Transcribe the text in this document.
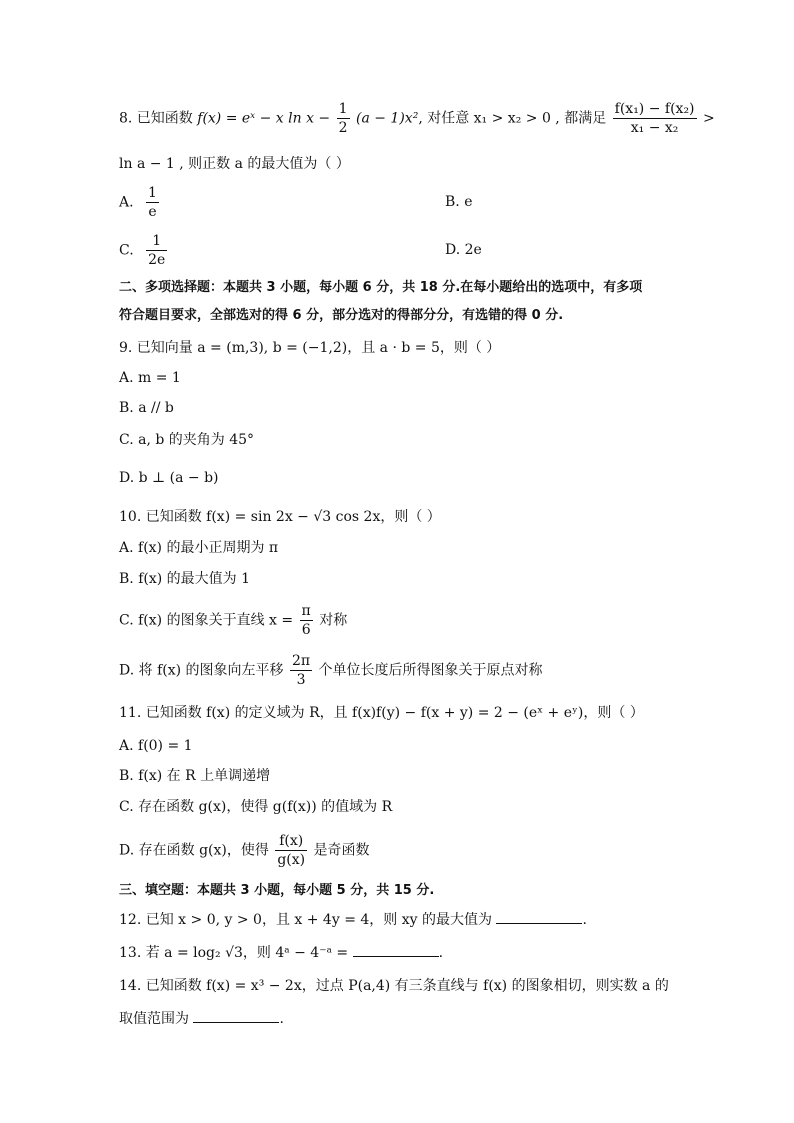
8. 已知函数 f(x) = eˣ − x $\ln x - \frac{1}{2} (a - 1)x^2$, 对任意 x₁ > x₂ > 0 , 都满足 $\frac{\text{f(x₁) − f(x₂)}}{\text{x₁ − x₂}}$ >
ln a − 1 , 则正数 a 的最大值为（ ）
A. $\frac{1}{e}$	B. e
C. $\frac{1}{2e}$	D. 2e
二、多项选择题：本题共 3 小题，每小题 6 分，共 18 分.在每小题给出的选项中，有多项
符合题目要求，全部选对的得 6 分，部分选对的得部分分，有选错的得 0 分.
9. 已知向量 a = (m,3), b = (−1,2)，且 a · b = 5，则（ ）
A. m = 1
B. a // b
C. a, b 的夹角为 45°
D. b ⊥ (a − b)
10. 已知函数 f(x) = sin 2x − √3 cos 2x，则（ ）
A. f(x) 的最小正周期为 π
B. f(x) 的最大值为 1
C. f(x) 的图象关于直线 $x = \frac{\pi}{6}$ 对称
D. 将 f(x) 的图象向左平移 $\frac{2\pi}{3}$ 个单位长度后所得图象关于原点对称
11. 已知函数 f(x) 的定义域为 R，且 f(x)f(y) − f(x + y) = 2 − (eˣ + eʸ)，则（ ）
A. f(0) = 1
B. f(x) 在 R 上单调递增
C. 存在函数 g(x)，使得 g(f(x)) 的值域为 R
D. 存在函数 g(x)，使得 $\frac{f(x)}{g(x)}$ 是奇函数
三、填空题：本题共 3 小题，每小题 5 分，共 15 分.
12. 已知 x > 0, y > 0，且 x + 4y = 4，则 xy 的最大值为	.
13. 若 a = log₂ √3，则 4ᵃ − 4⁻ᵃ =	.
14. 已知函数 f(x) = x³ − 2x，过点 P(a,4) 有三条直线与 f(x) 的图象相切，则实数 a 的
取值范围为	.
